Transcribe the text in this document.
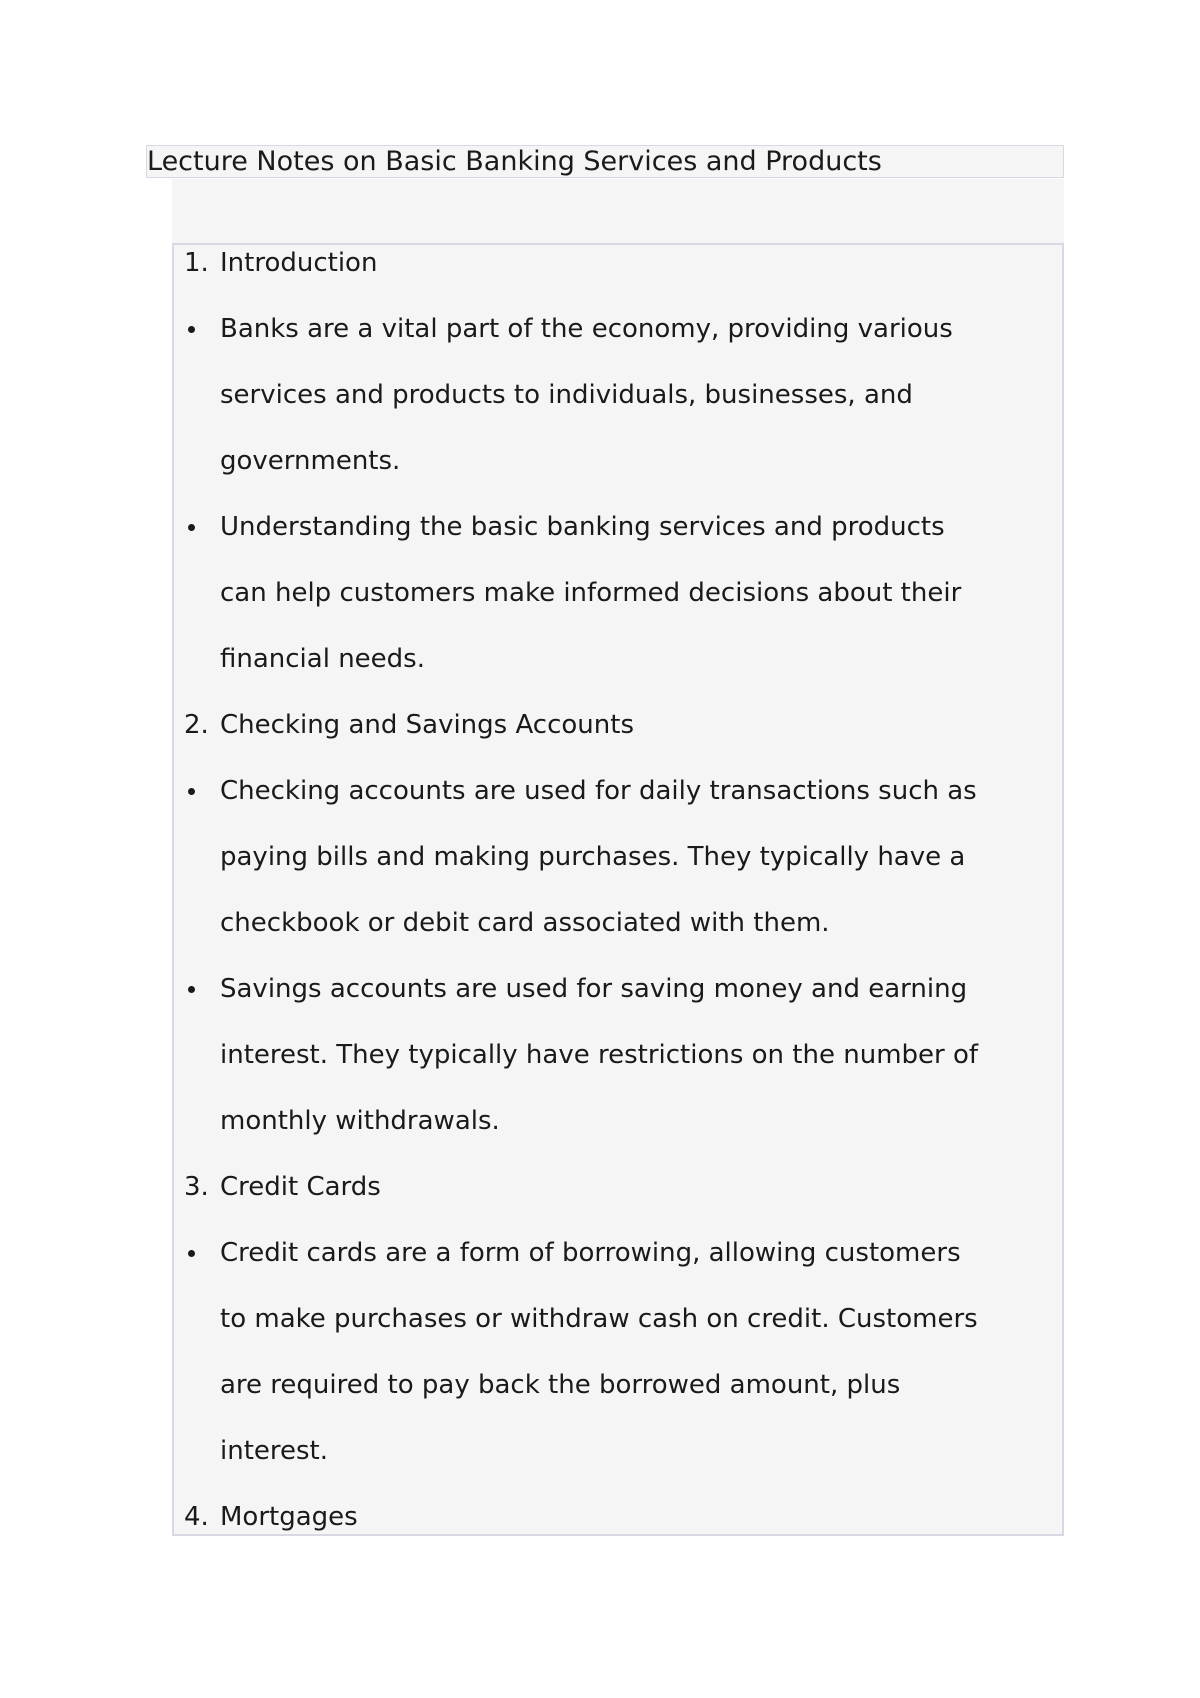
Lecture Notes on Basic Banking Services and Products
1. Introduction
Banks are a vital part of the economy, providing various
services and products to individuals, businesses, and
governments.
Understanding the basic banking services and products
can help customers make informed decisions about their
financial needs.
2. Checking and Savings Accounts
Checking accounts are used for daily transactions such as
paying bills and making purchases. They typically have a
checkbook or debit card associated with them.
Savings accounts are used for saving money and earning
interest. They typically have restrictions on the number of
monthly withdrawals.
3. Credit Cards
Credit cards are a form of borrowing, allowing customers
to make purchases or withdraw cash on credit. Customers
are required to pay back the borrowed amount, plus
interest.
4. Mortgages
